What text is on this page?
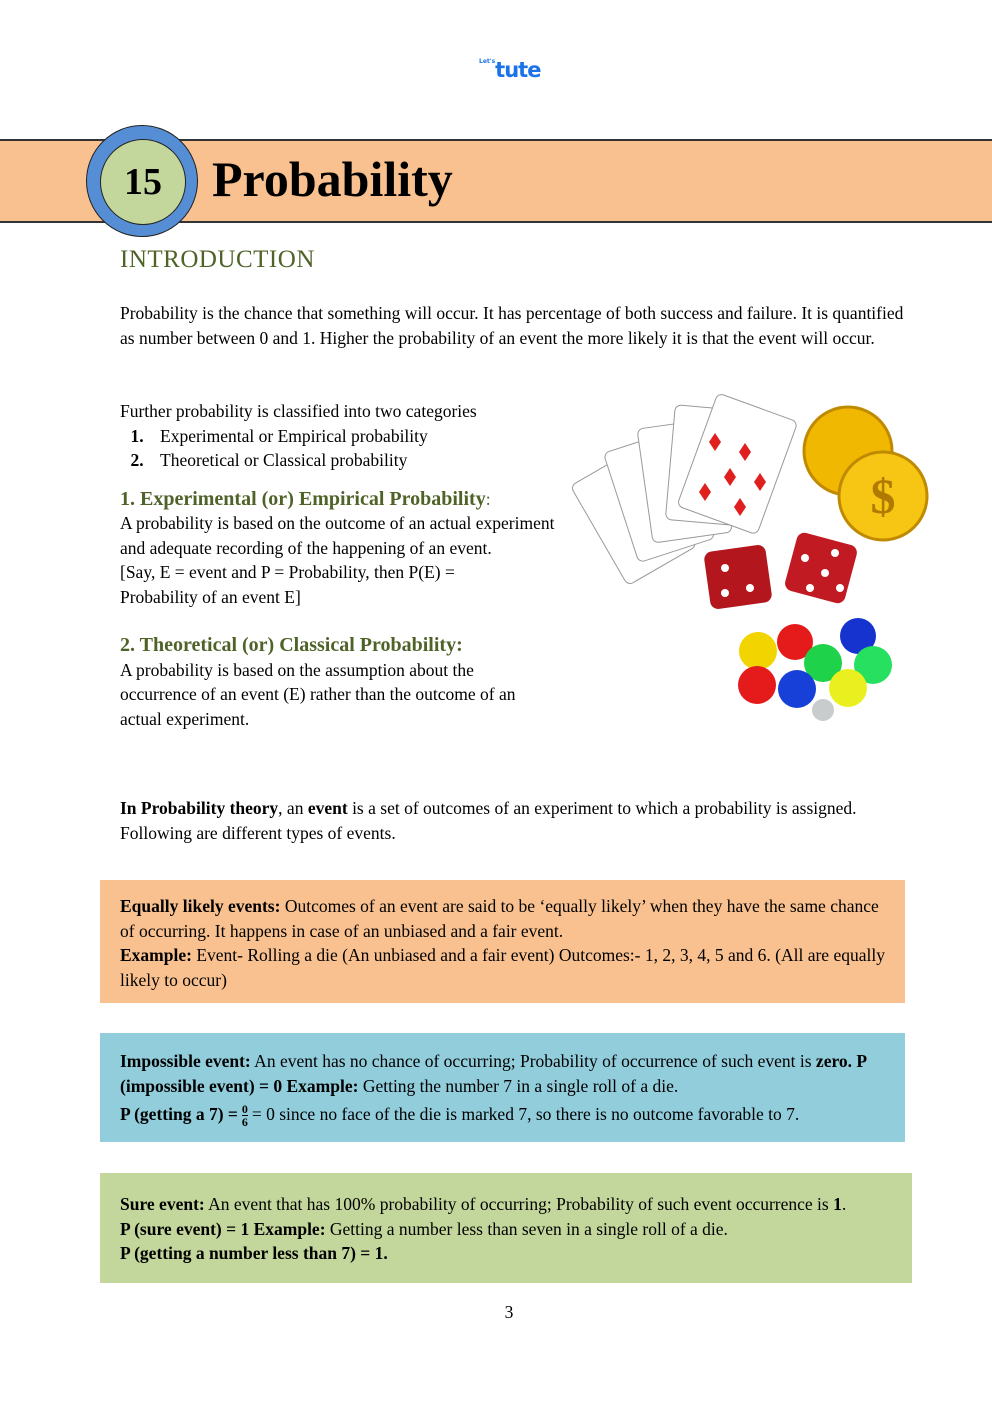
$^{Let's}$tute
15	Probability
INTRODUCTION

Probability is the chance that something will occur. It has percentage of both success and failure. It is quantified as number between 0 and 1. Higher the probability of an event the more likely it is that the event will occur.

Further probability is classified into two categories

1. Experimental or Empirical probability
2. Theoretical or Classical probability

1. Experimental (or) Empirical Probability:

A probability is based on the outcome of an actual experiment and adequate recording of the happening of an event.

[Say, E = event and P = Probability, then P(E) = Probability of an event E]

2. Theoretical (or) Classical Probability:

A probability is based on the assumption about the occurrence of an event (E) rather than the outcome of an actual experiment.

$

In Probability theory, an event is a set of outcomes of an experiment to which a probability is assigned. Following are different types of events.

Equally likely events: Outcomes of an event are said to be ‘equally likely’ when they have the same chance of occurring. It happens in case of an unbiased and a fair event.
Example: Event- Rolling a die (An unbiased and a fair event) Outcomes:- 1, 2, 3, 4, 5 and 6. (All are equally likely to occur)
Impossible event: An event has no chance of occurring; Probability of occurrence of such event is zero. P (impossible event) = 0 Example: Getting the number 7 in a single roll of a die.

P (getting a $7) = \frac{0}{6} = 0$ since no face of the die is marked 7, so there is no outcome favorable to 7.
Sure event: An event that has 100% probability of occurring; Probability of such event occurrence is 1.
P (sure event) = 1 Example: Getting a number less than seven in a single roll of a die.
P (getting a number less than 7) = 1.
3
